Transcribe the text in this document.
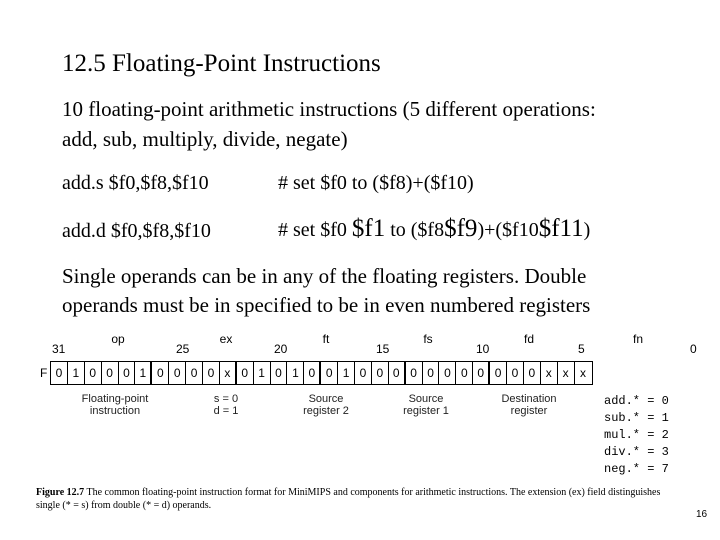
12.5 Floating-Point Instructions
10 floating-point arithmetic instructions (5 different operations:
add, sub, multiply, divide, negate)
add.s $f0,$f8,$f10	# set $f0 to ($f8)+($f10)
add.d $f0,$f8,$f10	# set $f0 $f1 to ($f8$f9)+($f10$f11)
Single operands can be in any of the floating registers. Double
operands must be in specified to be in even numbered registers
op	ex	ft	fs	fd	fn
31	25	20	15	10	5	0
F 0 1 0 0 0 1 0 0 0 0 x 0 1 0 1 0 0 1 0 0 0 0 0 0 0 0 0 0 0 x x x
Floating-point
instruction
s = 0
d = 1
Source
register 2
Source
register 1
Destination
register
add.* = 0
sub.* = 1
mul.* = 2
div.* = 3
neg.* = 7
Figure 12.7 The common floating-point instruction format for MiniMIPS and components for arithmetic instructions. The extension (ex) field distinguishes single (* = s) from double (* = d) operands.
16
